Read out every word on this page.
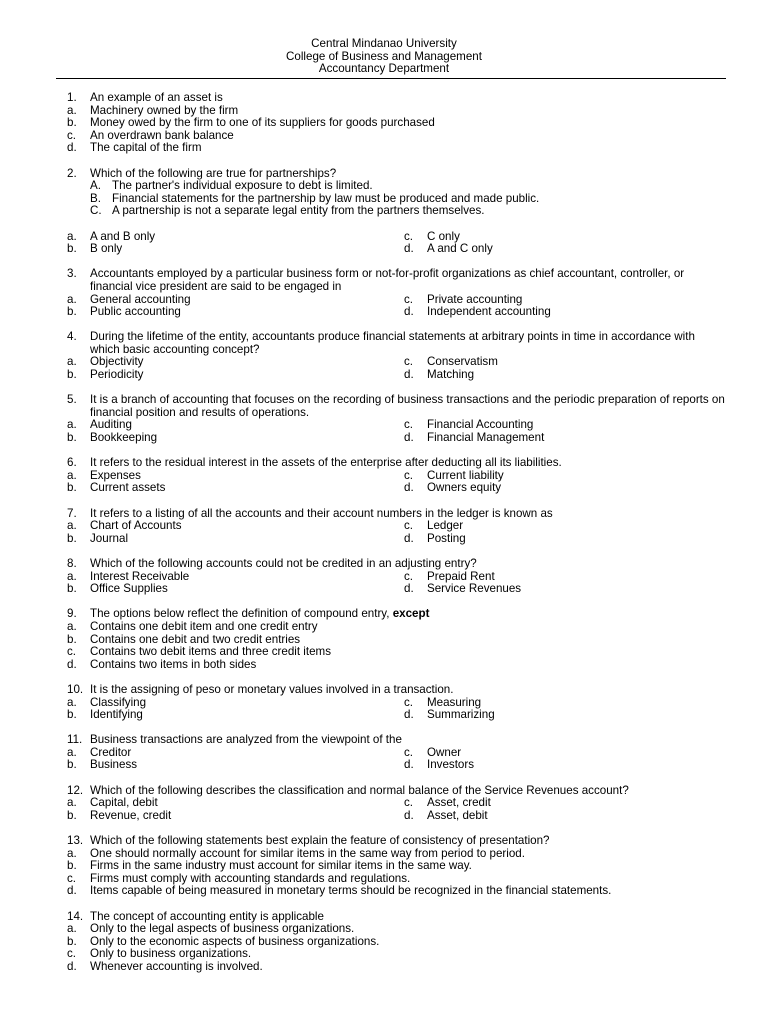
Central Mindanao University
College of Business and Management
Accountancy Department
1.	An example of an asset is
a.	Machinery owned by the firm
b.	Money owed by the firm to one of its suppliers for goods purchased
c.	An overdrawn bank balance
d.	The capital of the firm
2.	Which of the following are true for partnerships?
A. The partner's individual exposure to debt is limited.
B. Financial statements for the partnership by law must be produced and made public.
C. A partnership is not a separate legal entity from the partners themselves.
a.	A and B only	c.	C only
b.	B only	d.	A and C only
3.	Accountants employed by a particular business form or not-for-profit organizations as chief accountant, controller, or financial vice president are said to be engaged in
a.	General accounting	c.	Private accounting
b.	Public accounting	d.	Independent accounting
4.	During the lifetime of the entity, accountants produce financial statements at arbitrary points in time in accordance with which basic accounting concept?
a.	Objectivity	c.	Conservatism
b.	Periodicity	d.	Matching
5.	It is a branch of accounting that focuses on the recording of business transactions and the periodic preparation of reports on financial position and results of operations.
a.	Auditing	c.	Financial Accounting
b.	Bookkeeping	d.	Financial Management
6.	It refers to the residual interest in the assets of the enterprise after deducting all its liabilities.
a.	Expenses	c.	Current liability
b.	Current assets	d.	Owners equity
7.	It refers to a listing of all the accounts and their account numbers in the ledger is known as
a.	Chart of Accounts	c.	Ledger
b.	Journal	d.	Posting
8.	Which of the following accounts could not be credited in an adjusting entry?
a.	Interest Receivable	c.	Prepaid Rent
b.	Office Supplies	d.	Service Revenues
9.	The options below reflect the definition of compound entry, except
a.	Contains one debit item and one credit entry
b.	Contains one debit and two credit entries
c.	Contains two debit items and three credit items
d.	Contains two items in both sides
10. It is the assigning of peso or monetary values involved in a transaction.
a.	Classifying	c.	Measuring
b.	Identifying	d.	Summarizing
11. Business transactions are analyzed from the viewpoint of the
a.	Creditor	c.	Owner
b.	Business	d.	Investors
12. Which of the following describes the classification and normal balance of the Service Revenues account?
a.	Capital, debit	c.	Asset, credit
b.	Revenue, credit	d.	Asset, debit
13. Which of the following statements best explain the feature of consistency of presentation?
a.	One should normally account for similar items in the same way from period to period.
b.	Firms in the same industry must account for similar items in the same way.
c.	Firms must comply with accounting standards and regulations.
d.	Items capable of being measured in monetary terms should be recognized in the financial statements.
14. The concept of accounting entity is applicable
a.	Only to the legal aspects of business organizations.
b.	Only to the economic aspects of business organizations.
c.	Only to business organizations.
d.	Whenever accounting is involved.
